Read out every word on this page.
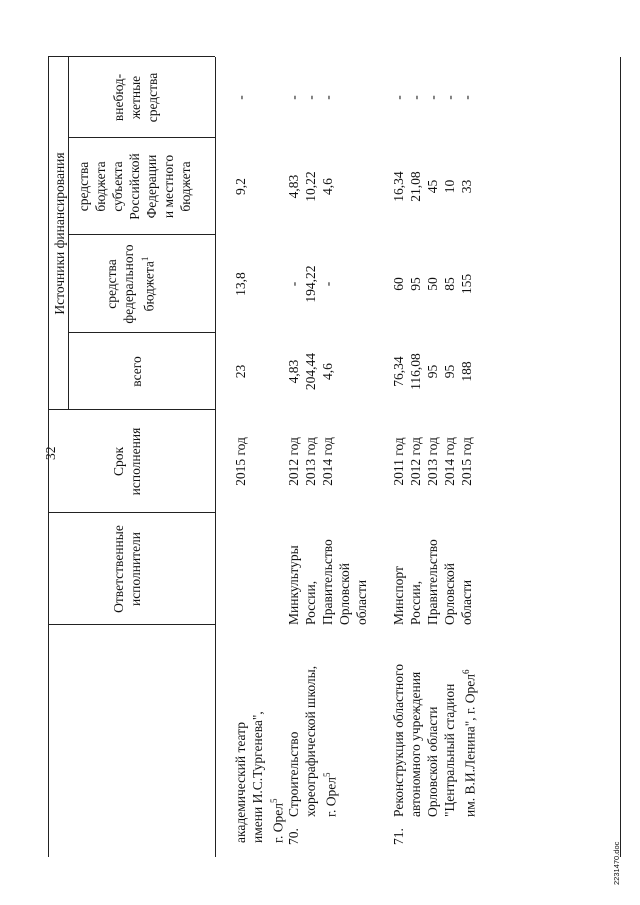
32
Ответственные исполнители
Срок исполнения
Источники финансирования
всего
средства федерального бюджета$^1$
средства бюджета субъекта Российской Федерации и местного бюджета
внебюд- жетные средства
академический театр имени И.С.Тургенева", г. Орел$^5$
2015 год
23
13,8
9,2
-
70.
Строительство хореографической школы, г. Орел$^5$
Минкультуры России, Правительство Орловской области
2012 год 2013 год 2014 год
4,83 204,44 4,6
- 194,22 -
4,83 10,22 4,6
- - -
71.
Реконструкция областного автономного учреждения Орловской области "Центральный стадион им. В.И.Ленина", г. Орел$^6$
Минспорт России, Правительство Орловской области
2011 год 2012 год 2013 год 2014 год 2015 год
76,34 116,08 95 95 188
60 95 50 85 155
16,34 21,08 45 10 33
- - - - -
2231470.doc
